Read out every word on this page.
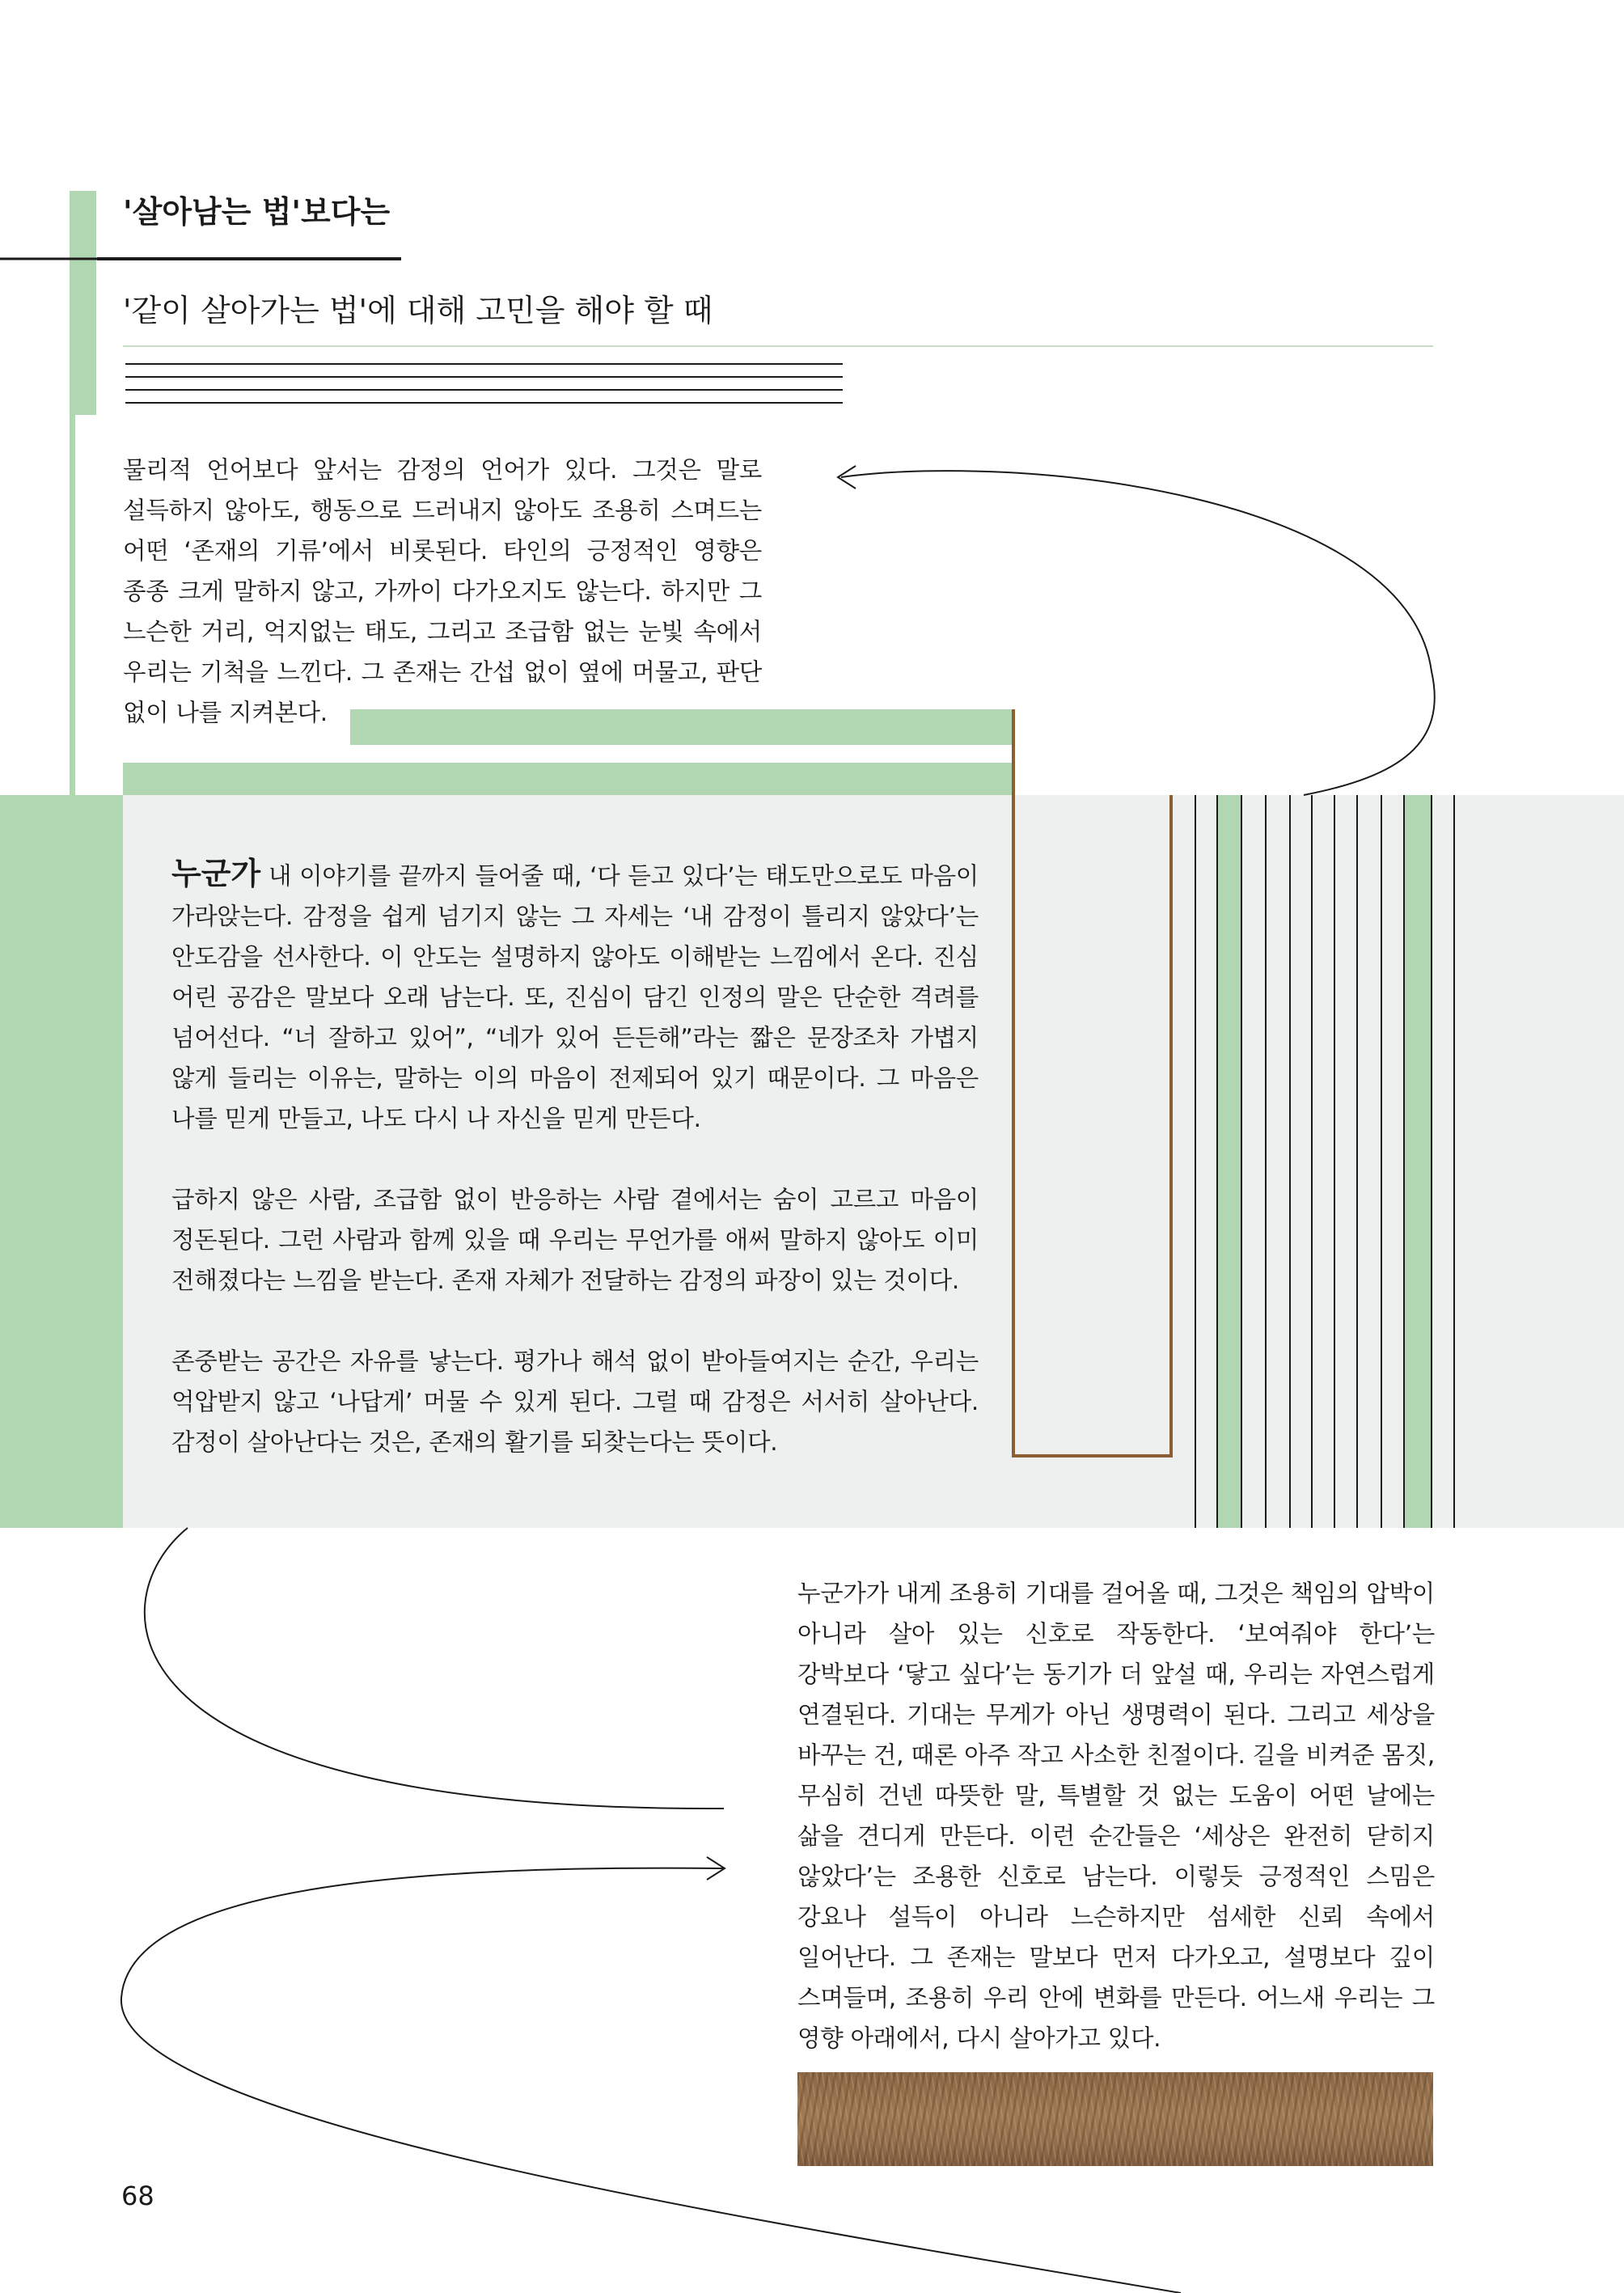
'살아남는 법'보다는
'같이 살아가는 법'에 대해 고민을 해야 할 때

물리적 언어보다 앞서는 감정의 언어가 있다. 그것은 말로 설득하지 않아도, 행동으로 드러내지 않아도 조용히 스며드는 어떤 ‘존재의 기류’에서 비롯된다. 타인의 긍정적인 영향은 종종 크게 말하지 않고, 가까이 다가오지도 않는다. 하지만 그 느슨한 거리, 억지없는 태도, 그리고 조급함 없는 눈빛 속에서 우리는 기척을 느낀다. 그 존재는 간섭 없이 옆에 머물고, 판단 없이 나를 지켜본다.

누군가 내 이야기를 끝까지 들어줄 때, ‘다 듣고 있다’는 태도만으로도 마음이 가라앉는다. 감정을 쉽게 넘기지 않는 그 자세는 ‘내 감정이 틀리지 않았다’는 안도감을 선사한다. 이 안도는 설명하지 않아도 이해받는 느낌에서 온다. 진심 어린 공감은 말보다 오래 남는다. 또, 진심이 담긴 인정의 말은 단순한 격려를 넘어선다. “너 잘하고 있어”, “네가 있어 든든해”라는 짧은 문장조차 가볍지 않게 들리는 이유는, 말하는 이의 마음이 전제되어 있기 때문이다. 그 마음은 나를 믿게 만들고, 나도 다시 나 자신을 믿게 만든다.

급하지 않은 사람, 조급함 없이 반응하는 사람 곁에서는 숨이 고르고 마음이 정돈된다. 그런 사람과 함께 있을 때 우리는 무언가를 애써 말하지 않아도 이미 전해졌다는 느낌을 받는다. 존재 자체가 전달하는 감정의 파장이 있는 것이다.

존중받는 공간은 자유를 낳는다. 평가나 해석 없이 받아들여지는 순간, 우리는 억압받지 않고 ‘나답게’ 머물 수 있게 된다. 그럴 때 감정은 서서히 살아난다. 감정이 살아난다는 것은, 존재의 활기를 되찾는다는 뜻이다.

누군가가 내게 조용히 기대를 걸어올 때, 그것은 책임의 압박이 아니라 살아 있는 신호로 작동한다. ‘보여줘야 한다’는 강박보다 ‘닿고 싶다’는 동기가 더 앞설 때, 우리는 자연스럽게 연결된다. 기대는 무게가 아닌 생명력이 된다. 그리고 세상을 바꾸는 건, 때론 아주 작고 사소한 친절이다. 길을 비켜준 몸짓, 무심히 건넨 따뜻한 말, 특별할 것 없는 도움이 어떤 날에는 삶을 견디게 만든다. 이런 순간들은 ‘세상은 완전히 닫히지 않았다’는 조용한 신호로 남는다. 이렇듯 긍정적인 스밈은 강요나 설득이 아니라 느슨하지만 섬세한 신뢰 속에서 일어난다. 그 존재는 말보다 먼저 다가오고, 설명보다 깊이 스며들며, 조용히 우리 안에 변화를 만든다. 어느새 우리는 그 영향 아래에서, 다시 살아가고 있다.

68
